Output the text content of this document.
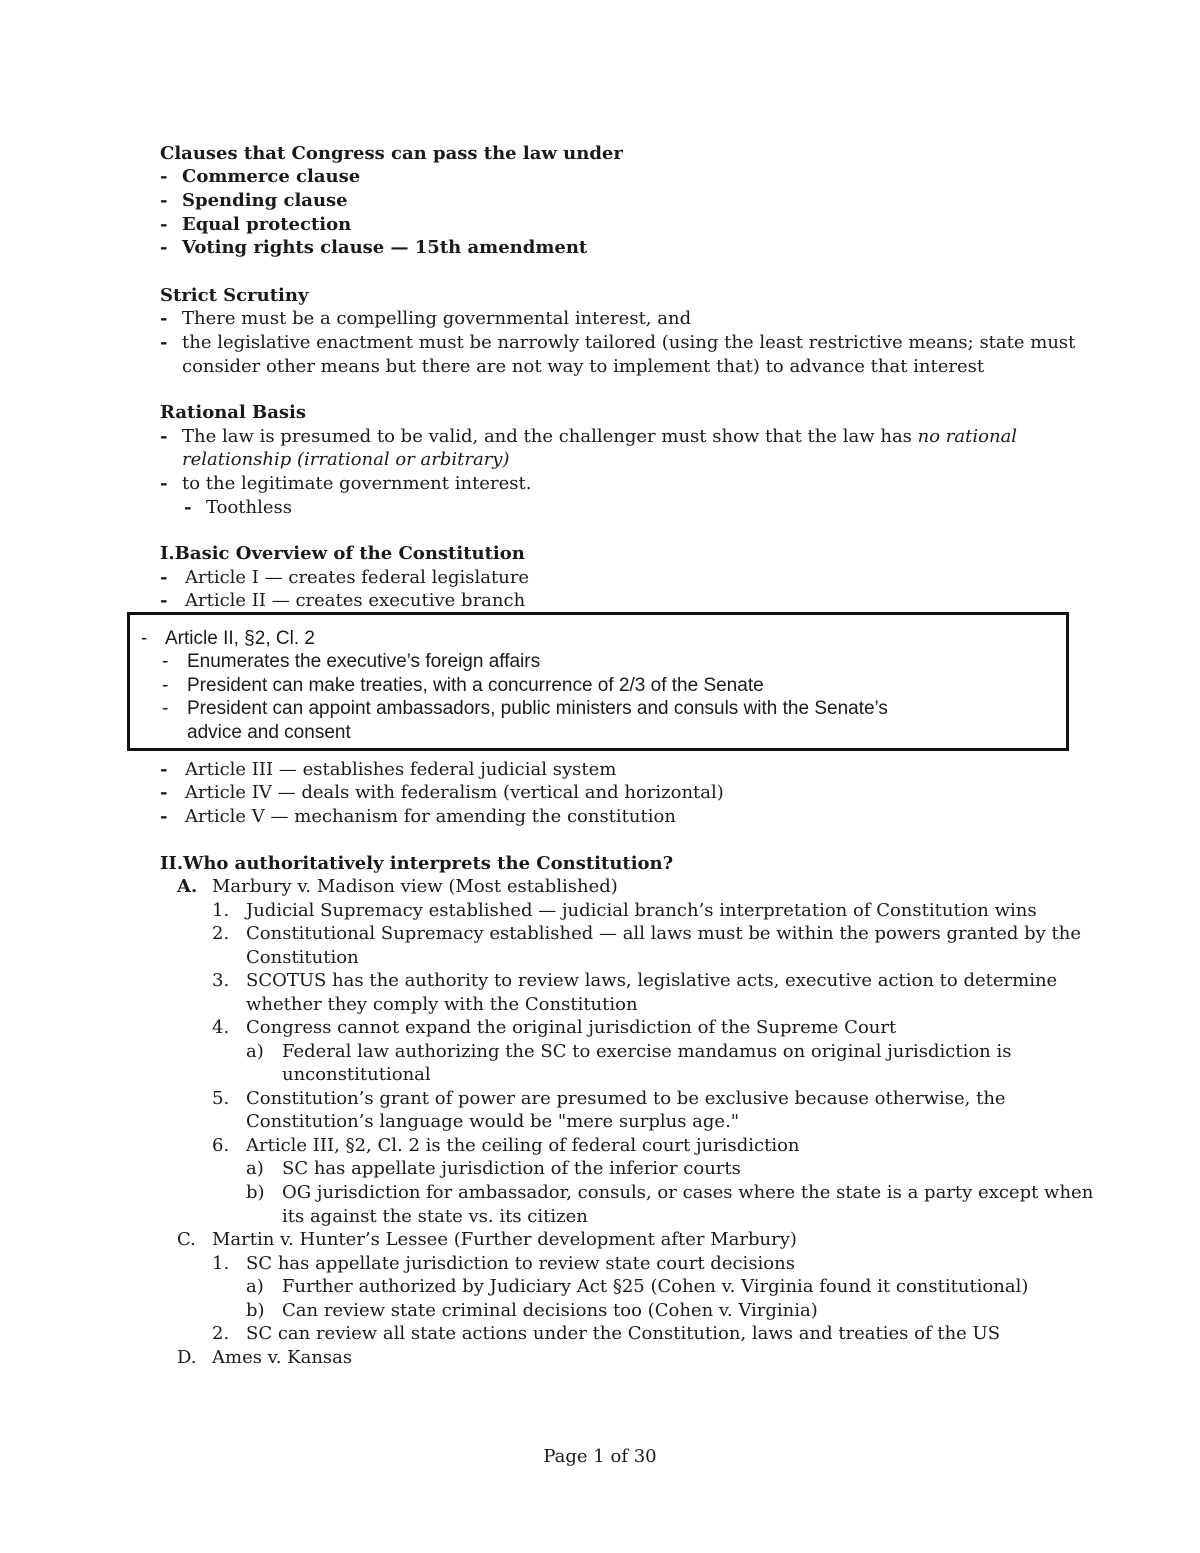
Clauses that Congress can pass the law under
- Commerce clause
- Spending clause
- Equal protection
- Voting rights clause — 15th amendment
Strict Scrutiny
- There must be a compelling governmental interest, and
- the legislative enactment must be narrowly tailored (using the least restrictive means; state must
consider other means but there are not way to implement that) to advance that interest
Rational Basis
- The law is presumed to be valid, and the challenger must show that the law has no rational
relationship (irrational or arbitrary)
- to the legitimate government interest.
- Toothless
I.Basic Overview of the Constitution
- Article I — creates federal legislature
- Article II — creates executive branch
- Article II, §2, Cl. 2
- Enumerates the executive’s foreign affairs
- President can make treaties, with a concurrence of 2/3 of the Senate
- President can appoint ambassadors, public ministers and consuls with the Senate’s
advice and consent
- Article III — establishes federal judicial system
- Article IV — deals with federalism (vertical and horizontal)
- Article V — mechanism for amending the constitution
II.Who authoritatively interprets the Constitution?
A. Marbury v. Madison view (Most established)
1. Judicial Supremacy established — judicial branch’s interpretation of Constitution wins
2. Constitutional Supremacy established — all laws must be within the powers granted by the
Constitution
3. SCOTUS has the authority to review laws, legislative acts, executive action to determine
whether they comply with the Constitution
4. Congress cannot expand the original jurisdiction of the Supreme Court
a) Federal law authorizing the SC to exercise mandamus on original jurisdiction is
unconstitutional
5. Constitution’s grant of power are presumed to be exclusive because otherwise, the
Constitution’s language would be "mere surplus age."
6. Article III, §2, Cl. 2 is the ceiling of federal court jurisdiction
a) SC has appellate jurisdiction of the inferior courts
b) OG jurisdiction for ambassador, consuls, or cases where the state is a party except when
its against the state vs. its citizen
C. Martin v. Hunter’s Lessee (Further development after Marbury)
1. SC has appellate jurisdiction to review state court decisions
a) Further authorized by Judiciary Act §25 (Cohen v. Virginia found it constitutional)
b) Can review state criminal decisions too (Cohen v. Virginia)
2. SC can review all state actions under the Constitution, laws and treaties of the US
D. Ames v. Kansas
Page 1 of 30
